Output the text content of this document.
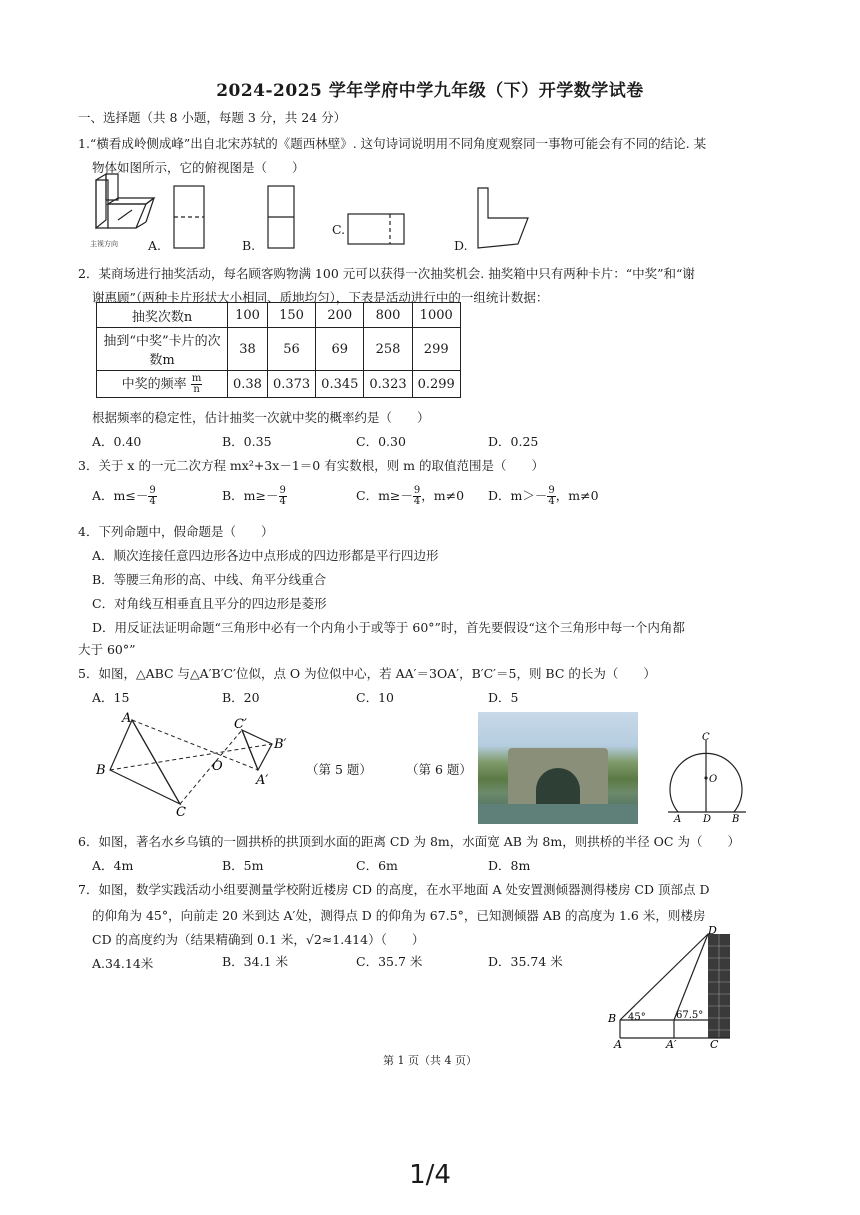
2024-2025 学年学府中学九年级（下）开学数学试卷
一、选择题（共 8 小题，每题 3 分，共 24 分）
1.“横看成岭侧成峰”出自北宋苏轼的《题西林壁》. 这句诗词说明用不同角度观察同一事物可能会有不同的结论. 某
物体如图所示，它的俯视图是（　　）
主视方向 A.	B.
C.
D.
2．某商场进行抽奖活动，每名顾客购物满 100 元可以获得一次抽奖机会. 抽奖箱中只有两种卡片：“中奖”和“谢
谢惠顾”（两种卡片形状大小相同、质地均匀），下表是活动进行中的一组统计数据：
抽奖次数n	100	150	200	800	1000

抽到“中奖”卡片的次
数m	38	56	69	258	299
中奖的频率 $\frac{m}{n}$	0.38	0.373	0.345	0.323	0.299
根据频率的稳定性，估计抽奖一次就中奖的概率约是（　　）
A．0.40	B．0.35	C．0.30	D．0.25
3．关于 x 的一元二次方程 mx²+3x－1＝0 有实数根，则 m 的取值范围是（　　）
A．$m\le- \frac{9}{4}$	B．$m\ge- \frac{9}{4}$	C．$m\ge- \frac{9}{4}$ ，m≠0 D．$m>- \frac{9}{4}$ ，m≠0
4．下列命题中，假命题是（　　）
A．顺次连接任意四边形各边中点形成的四边形都是平行四边形
B．等腰三角形的高、中线、角平分线重合
C．对角线互相垂直且平分的四边形是菱形
D．用反证法证明命题“三角形中必有一个内角小于或等于 60°”时，首先要假设“这个三角形中每一个内角都
大于 60°”
5．如图，△ABC 与△A′B′C′位似，点 O 为位似中心，若 AA′＝3OA′，B′C′＝5，则 BC 的长为（　　）
A．15	B．20	C．10	D．5
A
B
C
O
C′
B′
A′
（第 5 题）	（第 6 题）
C
O
A D B
6．如图，著名水乡乌镇的一圆拱桥的拱顶到水面的距离 CD 为 8m，水面宽 AB 为 8m，则拱桥的半径 OC 为（　　）
A．4m	B．5m	C．6m	D．8m
7．如图，数学实践活动小组要测量学校附近楼房 CD 的高度，在水平地面 A 处安置测倾器测得楼房 CD 顶部点 D
的仰角为 45°，向前走 20 米到达 A′处，测得点 D 的仰角为 67.5°，已知测倾器 AB 的高度为 1.6 米，则楼房
CD 的高度约为（结果精确到 0.1 米，√2≈1.414）（　　）
A.34.14米	B．34.1 米	C．35.7 米	D．35.74 米
D
B 45°	67.5°
A	A′	C
第 1 页（共 4 页）
1/4
